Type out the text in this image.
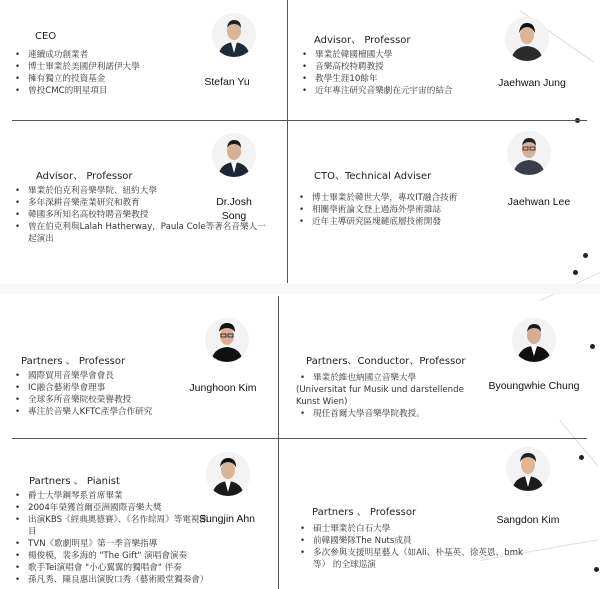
CEO
• 連續成功創業者
• 博士畢業於美國伊利諾伊大學
• 擁有獨立的投資基金
• 曾投CMC的明星項目
Stefan Yu
Advisor、 Professor
• 畢業於韓國檀國大學
• 音樂高校特聘教授
• 教學生涯10餘年
• 近年專注研究音樂劇在元宇宙的結合
Jaehwan Jung
Advisor、 Professor
• 畢業於伯克利音樂學院、紐約大學
• 多年深耕音樂產業研究和教育
• 韓國多所知名高校特聘音樂教授
• 曾在伯克利與Lalah Hatherway，Paula Cole等著名音樂人一起演出
Dr.Josh
Song
CTO、Technical Adviser
• 博士畢業於韓世大學，專攻IT融合技術
• 相關學術論文登上過海外學術雜誌
• 近年主導研究區塊鏈底層技術開發
Jaehwan Lee
Partners 、 Professor
• 國際貿用音樂學會會長
• IC融合藝術學會理事
• 全球多所音樂院校榮譽教授
• 專注於音樂人KFTC產學合作研究
Junghoon Kim
Partners、Conductor、Professor
• 畢業於維也納國立音樂大學
(Universitat fur Musik und darstellende Kunst Wien)
• 現任首爾大學音樂學院教授。
Byoungwhie Chung
Partners 、 Pianist
• 爵士大學鋼琴系首席畢業
• 2004年榮獲首爾亞洲國際音樂大獎
• 出演KBS《經典奧德賽》、《名作綜周》等電視節目
• TVN《歌劇明星》第一季音樂指導
• 楊俊模，裴多海的 "The Gift" 演唱會演奏
• 歌手Tei演唱會 "小心翼翼的獨唱會" 伴奏
• 孫凡秀、陳良惠出演脫口秀（藝術殿堂獨奏會）
Sungjin Ahn
Partners 、 Professor
• 碩士畢業於白石大學
• 前韓國樂隊The Nuts成員
• 多次參與支援明星藝人（如Ali、朴基英、徐英恩、bmk等） 的全球巡演
Sangdon Kim
